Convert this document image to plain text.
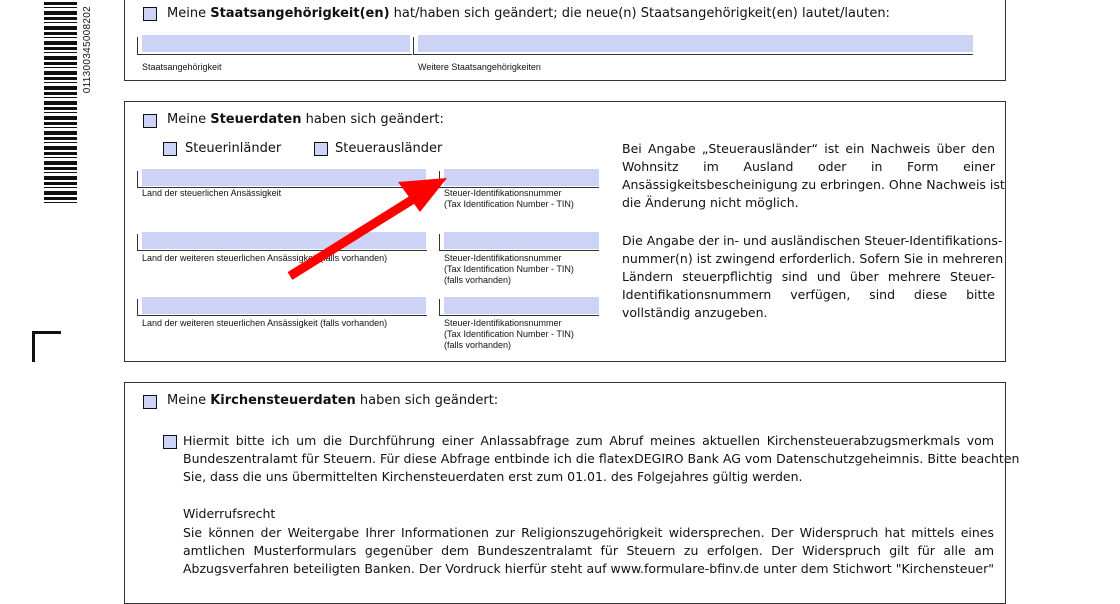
011300345008202	Meine Staatsangehörigkeit(en) hat/haben sich geändert; die neue(n) Staatsangehörigkeit(en) lautet/lauten:
Staatsangehörigkeit	Weitere Staatsangehörigkeiten
Meine Steuerdaten haben sich geändert:
Steuerinländer	Steuerausländer
Land der steuerlichen Ansässigkeit	Steuer-Identifikationsnummer
(Tax Identification Number - TIN)
Land der weiteren steuerlichen Ansässigkeit (falls vorhanden)	Steuer-Identifikationsnummer
(Tax Identification Number - TIN)
(falls vorhanden)
Land der weiteren steuerlichen Ansässigkeit (falls vorhanden)	Steuer-Identifikationsnummer
(Tax Identification Number - TIN)
(falls vorhanden)
Bei Angabe „Steuerausländer“ ist ein Nachweis über den
Wohnsitz im Ausland oder in Form einer
Ansässigkeitsbescheinigung zu erbringen. Ohne Nachweis ist
die Änderung nicht möglich.
Die Angabe der in- und ausländischen Steuer-Identifikations-
nummer(n) ist zwingend erforderlich. Sofern Sie in mehreren
Ländern steuerpflichtig sind und über mehrere Steuer-
Identifikationsnummern verfügen, sind diese bitte
vollständig anzugeben.
Meine Kirchensteuerdaten haben sich geändert:
Hiermit bitte ich um die Durchführung einer Anlassabfrage zum Abruf meines aktuellen Kirchensteuerabzugsmerkmals vom
Bundeszentralamt für Steuern. Für diese Abfrage entbinde ich die flatexDEGIRO Bank AG vom Datenschutzgeheimnis. Bitte beachten
Sie, dass die uns übermittelten Kirchensteuerdaten erst zum 01.01. des Folgejahres gültig werden.
Widerrufsrecht
Sie können der Weitergabe Ihrer Informationen zur Religionszugehörigkeit widersprechen. Der Widerspruch hat mittels eines
amtlichen Musterformulars gegenüber dem Bundeszentralamt für Steuern zu erfolgen. Der Widerspruch gilt für alle am
Abzugsverfahren beteiligten Banken. Der Vordruck hierfür steht auf www.formulare-bfinv.de unter dem Stichwort "Kirchensteuer"
